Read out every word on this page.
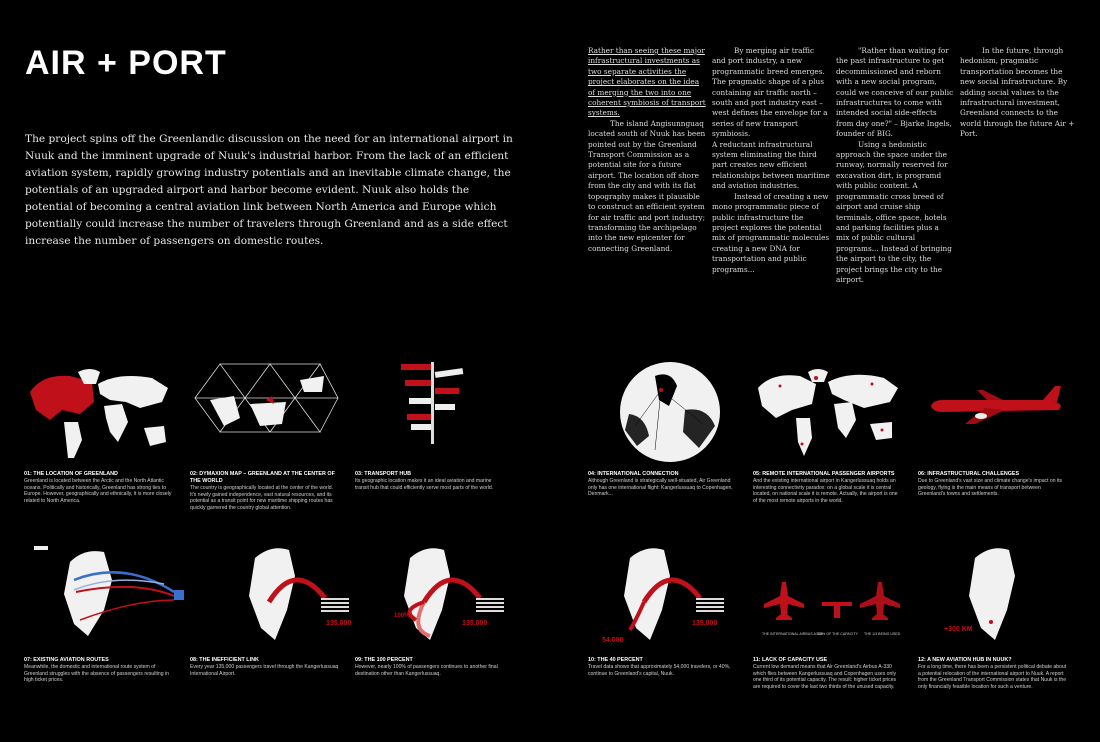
AIR + PORT
The project spins off the Greenlandic discussion on the need for an international airport in Nuuk and the imminent upgrade of Nuuk's industrial harbor. From the lack of an efficient aviation system, rapidly growing industry potentials and an inevitable climate change, the potentials of an upgraded airport and harbor become evident. Nuuk also holds the potential of becoming a central aviation link between North America and Europe which potentially could increase the number of travelers through Greenland and as a side effect increase the number of passengers on domestic routes.

Rather than seeing these major infrastructural investments as two separate activities the project elaborates on the idea of merging the two into one coherent symbiosis of transport systems.

The island Angisunnguaq located south of Nuuk has been pointed out by the Greenland Transport Commission as a potential site for a future airport. The location off shore from the city and with its flat topography makes it plausible to construct an efficient system for air traffic and port industry; transforming the archipelago into the new epicenter for connecting Greenland.

By merging air traffic and port industry, a new programmatic breed emerges. The pragmatic shape of a plus containing air traffic north – south and port industry east – west defines the envelope for a series of new transport symbiosis.

A reductant infrastructural system eliminating the third part creates new efficient relationships between maritime and aviation industries.

Instead of creating a new mono programmatic piece of public infrastructure the project explores the potential mix of programmatic molecules creating a new DNA for transportation and public programs...

"Rather than waiting for the past infrastructure to get decommissioned and reborn with a new social program, could we conceive of our public infrastructures to come with intended social side-effects from day one?" – Bjarke Ingels, founder of BIG.

Using a hedonistic approach the space under the runway, normally reserved for excavation dirt, is programd with public content. A programmatic cross breed of airport and cruise ship terminals, office space, hotels and parking facilities plus a mix of public cultural programs... Instead of bringing the airport to the city, the project brings the city to the airport.

In the future, through hedonism, pragmatic transportation becomes the new social infrastructure. By adding social values to the infrastructural investment, Greenland connects to the world through the future Air + Port.

01: THE LOCATION OF GREENLAND
Greenland is located between the Arctic and the North Atlantic oceans. Politically and historically, Greenland has strong ties to Europe. However, geographically and ethnically, it is more closely related to North America.
02: DYMAXION MAP – GREENLAND AT THE CENTER OF THE WORLD
The country is geographically located at the center of the world. It's newly gained independence, vast natural resources, and its potential as a transit point for new maritime shipping routes has quickly garnered the country global attention.
03: TRANSPORT HUB
Its geographic location makes it an ideal aviation and marine transit hub that could efficiently serve most parts of the world.
04: INTERNATIONAL CONNECTION
Although Greenland is strategically well-situated, Air Greenland only has one international flight: Kangerlussuaq to Copenhagen, Denmark...
05: REMOTE INTERNATIONAL PASSENGER AIRPORTS
And the existing international airport in Kangerlussuaq holds an interesting connectivity paradox: on a global scale it is central located, on national scale it is remote. Actually, the airport is one of the most remote airports in the world.
06: INFRASTRUCTURAL CHALLENGES
Due to Greenland's vast size and climate change's impact on its geology, flying is the main means of transport between Greenland's towns and settlements.
135.000	135.000
100%
54.000
135.000
THE INTERNATIONAL AIRBUS A 330
100% OF THE CAPACITY THE 1/3 BEING USED
+300 KM
07: EXISTING AVIATION ROUTES
Meanwhile, the domestic and international route system of Greenland struggles with the absence of passengers resulting in high ticket prices.
08: THE INEFFICIENT LINK
Every year 135,000 passengers travel through the Kangerlussuaq International Airport.
09: THE 100 PERCENT
However, nearly 100% of passengers continues to another final destination other than Kangerlussuaq.
10: THE 40 PERCENT
Travel data shows that approximately 54,000 travelers, or 40%, continue to Greenland's capital, Nuuk.
11: LACK OF CAPACITY USE
Current low demand means that Air Greenland's Airbus A-330 which flies between Kangerlussuaq and Copenhagen uses only one third of its potential capacity. The result: higher ticket prices are required to cover the last two thirds of the unused capacity.
12: A NEW AVIATION HUB IN NUUK?
For a long time, there has been a persistent political debate about a potential relocation of the international airport to Nuuk. A report from the Greenland Transport Commission states that Nuuk is the only financially feasible location for such a venture.
